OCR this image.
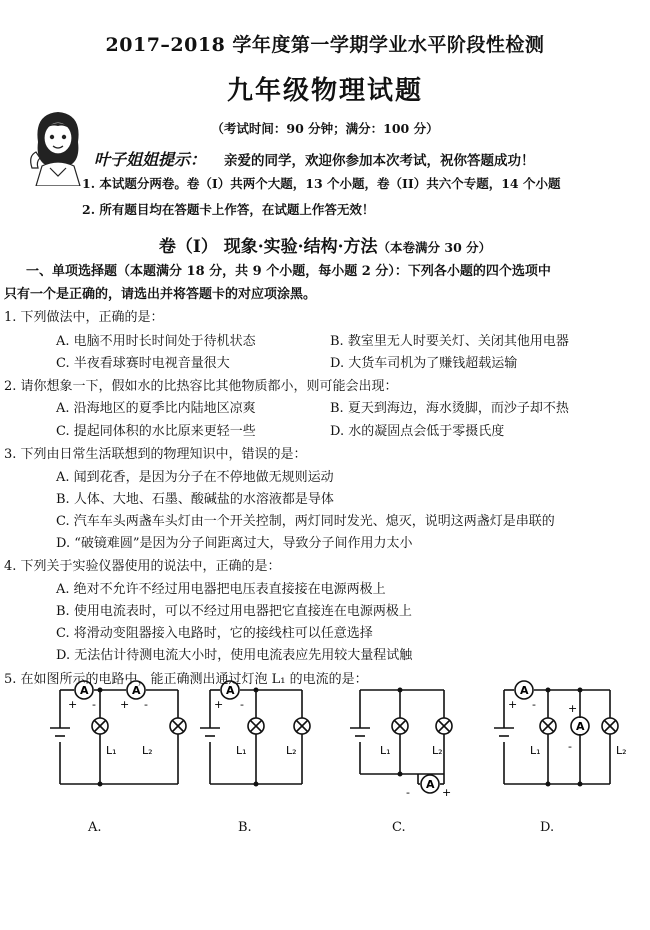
2017–2018 学年度第一学期学业水平阶段性检测
九年级物理试题
（考试时间：90 分钟；满分：100 分）
叶子姐姐提示： 亲爱的同学，欢迎你参加本次考试，祝你答题成功！
1. 本试题分两卷。卷（I）共两个大题，13 个小题，卷（II）共六个专题，14 个小题
2. 所有题目均在答题卡上作答，在试题上作答无效！
卷（I） 现象·实验·结构·方法（本卷满分 30 分）
一、单项选择题（本题满分 18 分，共 9 个小题，每小题 2 分）：下列各小题的四个选项中
只有一个是正确的，请选出并将答题卡的对应项涂黑。
1. 下列做法中，正确的是：
A. 电脑不用时长时间处于待机状态	B. 教室里无人时要关灯、关闭其他用电器
C. 半夜看球赛时电视音量很大	D. 大货车司机为了赚钱超载运输
2. 请你想象一下，假如水的比热容比其他物质都小，则可能会出现：
A. 沿海地区的夏季比内陆地区凉爽	B. 夏天到海边，海水烫脚，而沙子却不热
C. 提起同体积的水比原来更轻一些	D. 水的凝固点会低于零摄氏度
3. 下列由日常生活联想到的物理知识中，错误的是：
A. 闻到花香，是因为分子在不停地做无规则运动
B. 人体、大地、石墨、酸碱盐的水溶液都是导体
C. 汽车车头两盏车头灯由一个开关控制，两灯同时发光、熄灭，说明这两盏灯是串联的
D. “破镜难圆”是因为分子间距离过大，导致分子间作用力太小
4. 下列关于实验仪器使用的说法中，正确的是：
A. 绝对不允许不经过用电器把电压表直接接在电源两极上
B. 使用电流表时，可以不经过用电器把它直接连在电源两极上
C. 将滑动变阻器接入电路时，它的接线柱可以任意选择
D. 无法估计待测电流大小时，使用电流表应先用较大量程试触
5. 在如图所示的电路中，能正确测出通过灯泡 L₁ 的电流的是：
A	A
+ - + -
L₁ L₂
A
+ -
L₁	L₂
A
-	+
L₁	L₂
A
A
+ -	+
-
L₁	L₂
A.	B.	C.	D.
